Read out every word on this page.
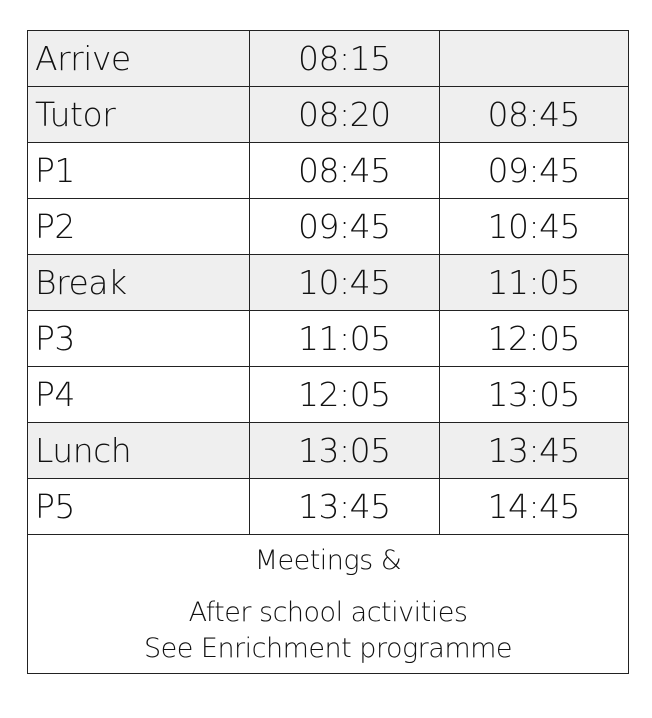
Arrive	08:15	
Tutor	08:20	08:45
P1	08:45	09:45
P2	09:45	10:45
Break	10:45	11:05
P3	11:05	12:05
P4	12:05	13:05
Lunch	13:05	13:45
P5	13:45	14:45

Meetings &
After school activities
See Enrichment programme		
